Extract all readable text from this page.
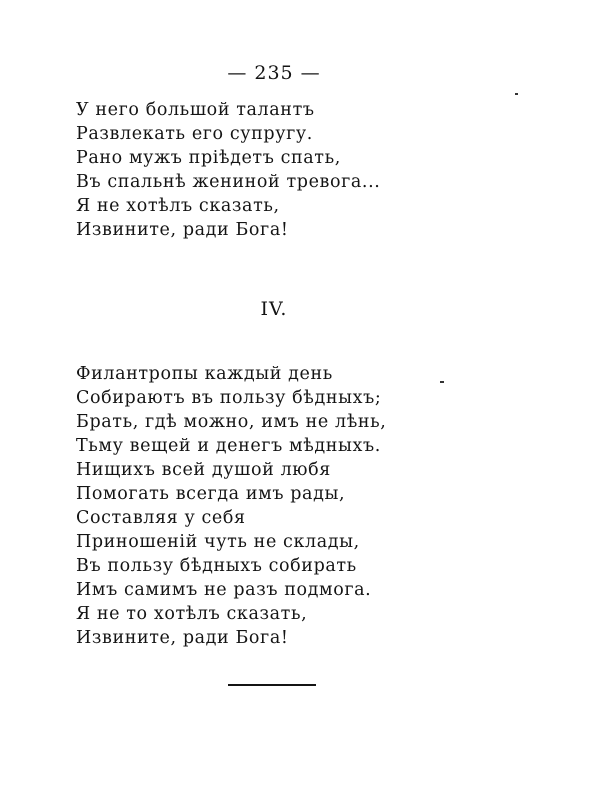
— 235 —
У него большой талантъ
Развлекать его супругу.
Рано мужъ пріѣдетъ спать,
Въ спальнѣ жениной тревога...
Я не хотѣлъ сказать,
Извините, ради Бога!
IV.
Филантропы каждый день
Собираютъ въ пользу бѣдныхъ;
Брать, гдѣ можно, имъ не лѣнь,
Тьму вещей и денегъ мѣдныхъ.
Нищихъ всей душой любя
Помогать всегда имъ рады,
Составляя у себя
Приношеній чуть не склады,
Въ пользу бѣдныхъ собирать
Имъ самимъ не разъ подмога.
Я не то хотѣлъ сказать,
Извините, ради Бога!
